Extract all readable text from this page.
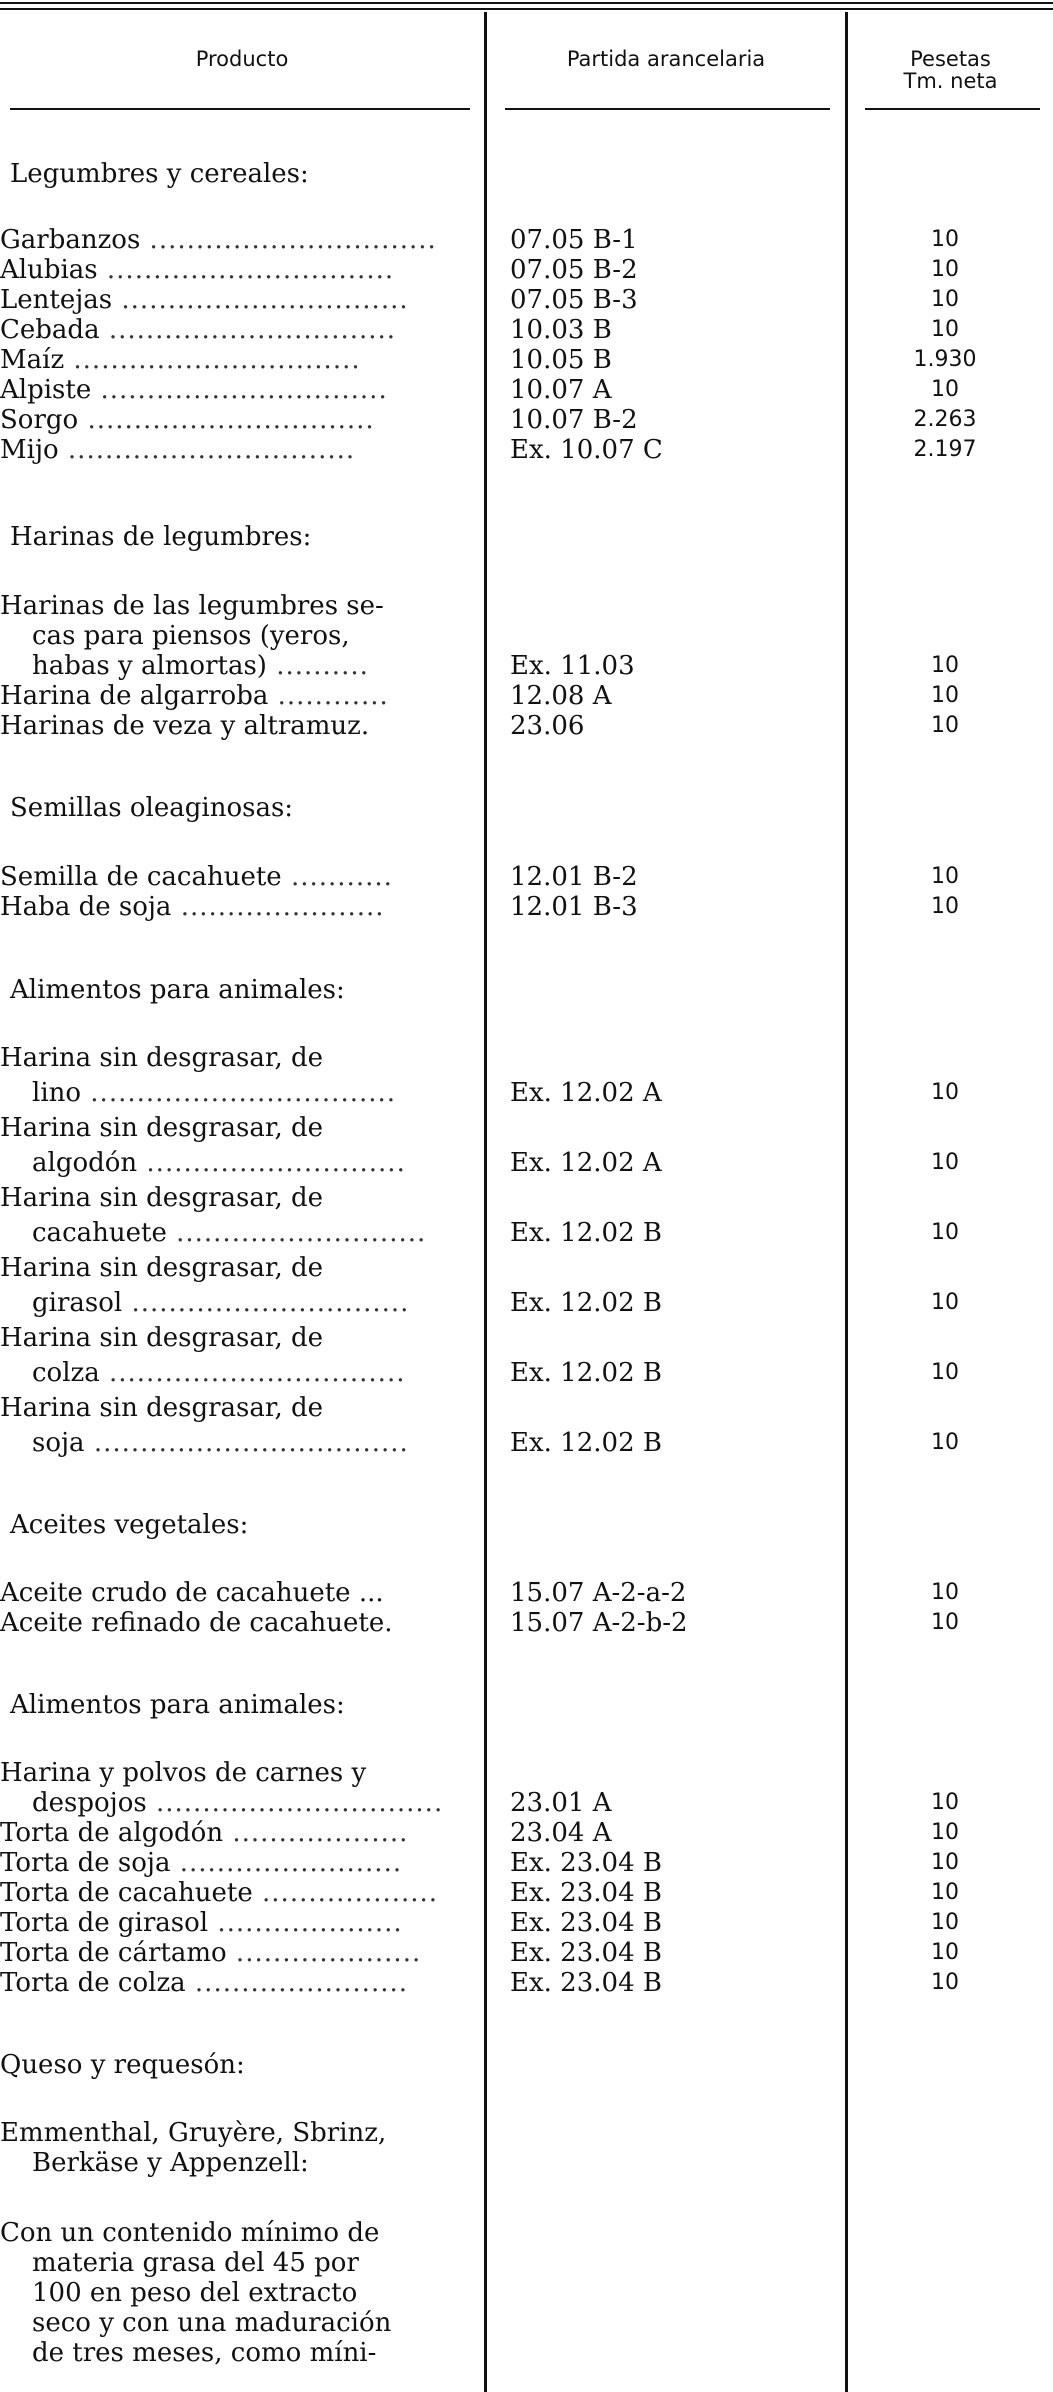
Producto	Partida arancelaria	Pesetas
Tm. neta
Legumbres y cereales:
Garbanzos ...............................	07.05 B-1	10
Alubias ...............................	07.05 B-2	10
Lentejas ...............................	07.05 B-3	10
Cebada ...............................	10.03 B	10
Maíz ...............................	10.05 B	1.930
Alpiste ...............................	10.07 A	10
Sorgo ...............................	10.07 B-2	2.263
Mijo ...............................	Ex. 10.07 C	2.197
Harinas de legumbres:
Harinas de las legumbres se-
cas para piensos (yeros,
habas y almortas) ..........	Ex. 11.03	10
Harina de algarroba ............	12.08 A	10
Harinas de veza y altramuz.	23.06	10
Semillas oleaginosas:
Semilla de cacahuete ...........	12.01 B-2	10
Haba de soja ......................	12.01 B-3	10
Alimentos para animales:
Harina sin desgrasar, de
lino .................................	Ex. 12.02 A	10
Harina sin desgrasar, de
algodón ............................	Ex. 12.02 A	10
Harina sin desgrasar, de
cacahuete ...........................	Ex. 12.02 B	10
Harina sin desgrasar, de
girasol ..............................	Ex. 12.02 B	10
Harina sin desgrasar, de
colza ................................	Ex. 12.02 B	10
Harina sin desgrasar, de
soja ..................................	Ex. 12.02 B	10
Aceites vegetales:
Aceite crudo de cacahuete ...	15.07 A-2-a-2	10
Aceite refinado de cacahuete.	15.07 A-2-b-2	10
Alimentos para animales:
Harina y polvos de carnes y
despojos ...............................	23.01 A	10
Torta de algodón ...................	23.04 A	10
Torta de soja ........................	Ex. 23.04 B	10
Torta de cacahuete ...................	Ex. 23.04 B	10
Torta de girasol ....................	Ex. 23.04 B	10
Torta de cártamo ....................	Ex. 23.04 B	10
Torta de colza .......................	Ex. 23.04 B	10
Queso y requesón:
Emmenthal, Gruyère, Sbrinz,
Berkäse y Appenzell:
Con un contenido mínimo de
materia grasa del 45 por
100 en peso del extracto
seco y con una maduración
de tres meses, como míni-
